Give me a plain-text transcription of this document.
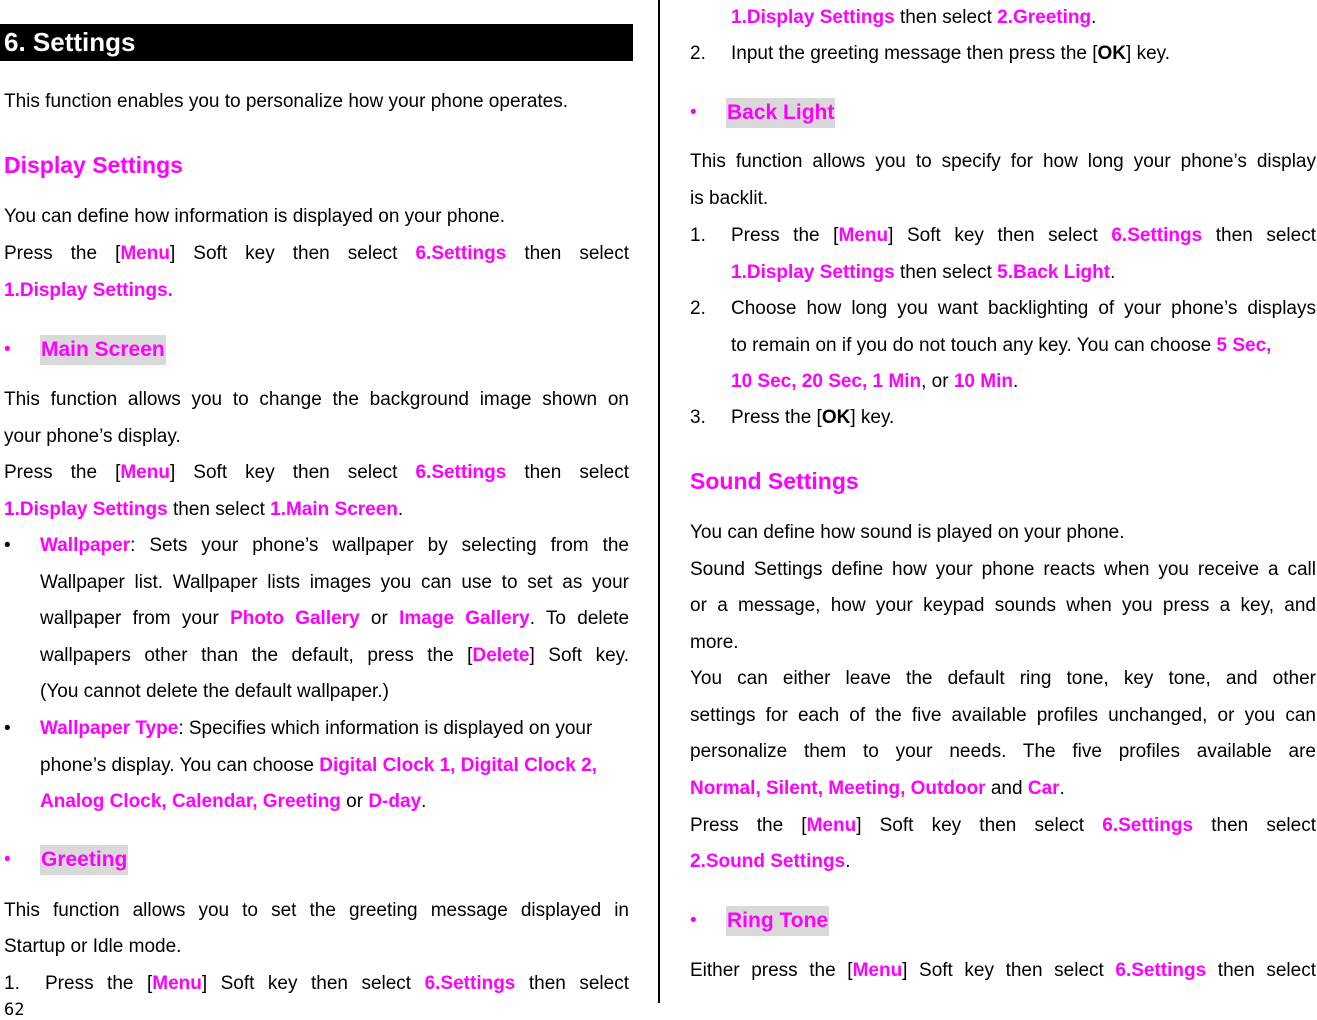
6. Settings

This function enables you to personalize how your phone operates.

Display Settings

You can define how information is displayed on your phone.

Press the [Menu] Soft key then select 6.Settings then select

1.Display Settings.

• Main Screen

This function allows you to change the background image shown on

your phone’s display.

Press the [Menu] Soft key then select 6.Settings then select

1.Display Settings then select 1.Main Screen.

• Wallpaper: Sets your phone’s wallpaper by selecting from the
Wallpaper list. Wallpaper lists images you can use to set as your
wallpaper from your Photo Gallery or Image Gallery. To delete
wallpapers other than the default, press the [Delete] Soft key.
(You cannot delete the default wallpaper.)
• Wallpaper Type: Specifies which information is displayed on your
phone’s display. You can choose Digital Clock 1, Digital Clock 2,
Analog Clock, Calendar, Greeting or D-day.
• Greeting

This function allows you to set the greeting message displayed in

Startup or Idle mode.

1. Press the [Menu] Soft key then select 6.Settings then select
62

1.Display Settings then select 2.Greeting.

2. Input the greeting message then press the [OK] key.
• Back Light

This function allows you to specify for how long your phone’s display

is backlit.

1. Press the [Menu] Soft key then select 6.Settings then select
1.Display Settings then select 5.Back Light.
2. Choose how long you want backlighting of your phone’s displays
to remain on if you do not touch any key. You can choose 5 Sec,
10 Sec, 20 Sec, 1 Min, or 10 Min.
3. Press the [OK] key.
Sound Settings

You can define how sound is played on your phone.

Sound Settings define how your phone reacts when you receive a call

or a message, how your keypad sounds when you press a key, and

more.

You can either leave the default ring tone, key tone, and other

settings for each of the five available profiles unchanged, or you can

personalize them to your needs. The five profiles available are

Normal, Silent, Meeting, Outdoor and Car.

Press the [Menu] Soft key then select 6.Settings then select

2.Sound Settings.

• Ring Tone

Either press the [Menu] Soft key then select 6.Settings then select
